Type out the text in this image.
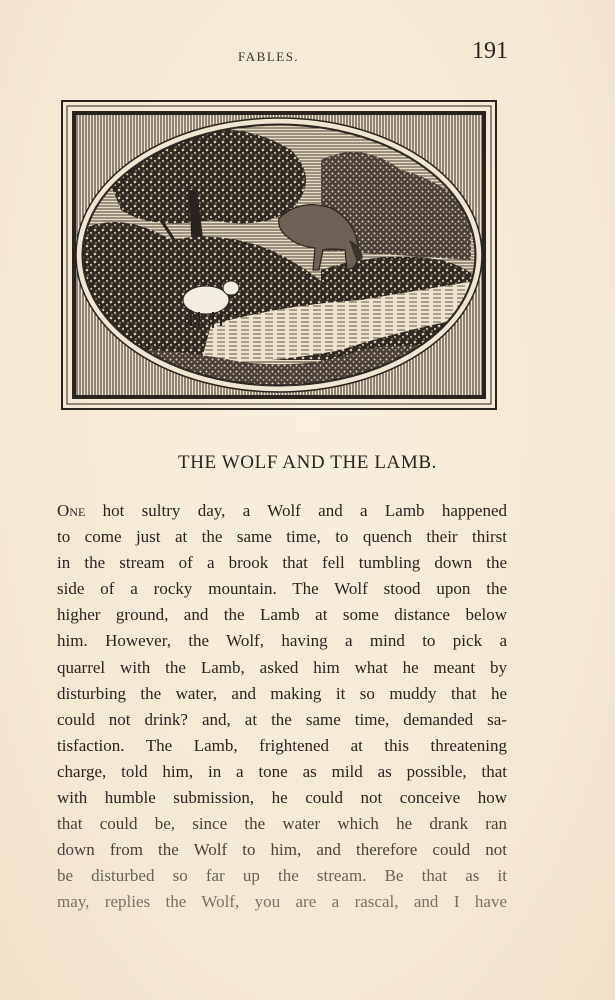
FABLES.	191
THE WOLF AND THE LAMB.
One hot sultry day, a Wolf and a Lamb happened
to come just at the same time, to quench their thirst
in the stream of a brook that fell tumbling down the
side of a rocky mountain. The Wolf stood upon the
higher ground, and the Lamb at some distance below
him. However, the Wolf, having a mind to pick a
quarrel with the Lamb, asked him what he meant by
disturbing the water, and making it so muddy that he
could not drink? and, at the same time, demanded sa-
tisfaction. The Lamb, frightened at this threatening
charge, told him, in a tone as mild as possible, that
with humble submission, he could not conceive how
that could be, since the water which he drank ran
down from the Wolf to him, and therefore could not
be disturbed so far up the stream. Be that as it
may, replies the Wolf, you are a rascal, and I have
